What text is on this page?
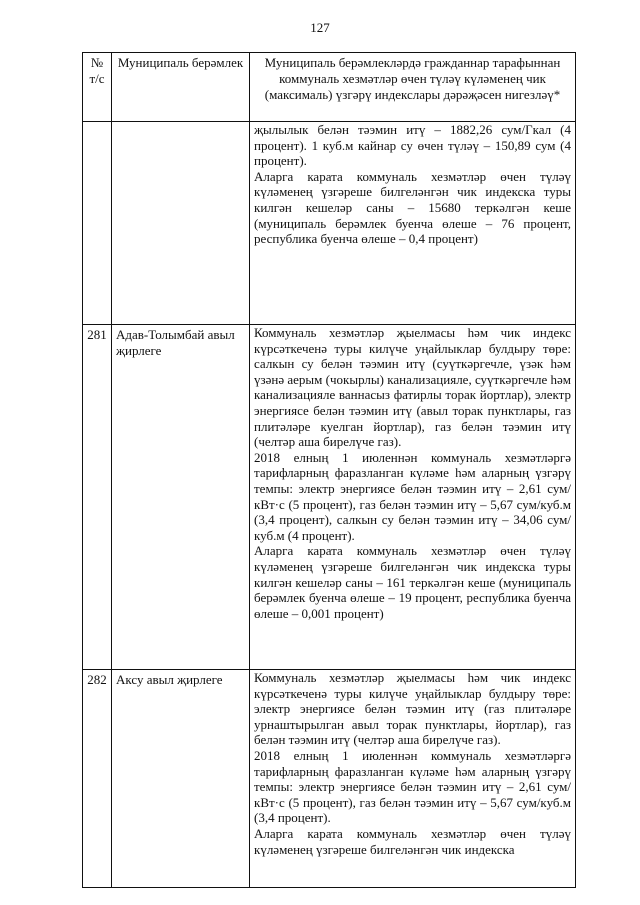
127
№ т/с	Муниципаль берәмлек	Муниципаль берәмлекләрдә гражданнар тарафыннан коммуналь хезмәтләр өчен түләү күләменең чик (максималь) үзгәрү индекслары дәрәҗәсен нигезләү*

		җылылык белән тәэмин итү – 1882,26 сум/Гкал (4 процент). 1 куб.м кайнар су өчен түләү – 150,89 сум (4 процент).

Аларга карата коммуналь хезмәтләр өчен түләү күләменең үзгәреше билгеләнгән чик индекска туры килгән кешеләр саны – 15680 теркәлгән кеше (муниципаль берәмлек буенча өлеше – 76 процент, республика буенча өлеше – 0,4 процент)

281	Адав-Толымбай авыл җирлеге	Коммуналь хезмәтләр җыелмасы һәм чик индекс күрсәткеченә туры килүче уңайлыклар булдыру төре: салкын су белән тәэмин итү (суүткәргечле, үзәк һәм үзәнә аерым (чокырлы) канализацияле, суүткәргечле һәм канализацияле ваннасыз фатирлы торак йортлар), электр энергиясе белән тәэмин итү (авыл торак пунктлары, газ плитәләре куелган йортлар), газ белән тәэмин итү (челтәр аша бирелүче газ).

2018 елның 1 июленнән коммуналь хезмәтләргә тарифларның фаразланган күләме һәм аларның үзгәрү темпы: электр энергиясе белән тәэмин итү – 2,61 сум/кВт·с (5 процент), газ белән тәэмин итү – 5,67 сум/куб.м (3,4 процент), салкын су белән тәэмин итү – 34,06 сум/куб.м (4 процент).

Аларга карата коммуналь хезмәтләр өчен түләү күләменең үзгәреше билгеләнгән чик индекска туры килгән кешеләр саны – 161 теркәлгән кеше (муниципаль берәмлек буенча өлеше – 19 процент, республика буенча өлеше – 0,001 процент)

282	Аксу авыл җирлеге	Коммуналь хезмәтләр җыелмасы һәм чик индекс күрсәткеченә туры килүче уңайлыклар булдыру төре: электр энергиясе белән тәэмин итү (газ плитәләре урнаштырылган авыл торак пунктлары, йортлар), газ белән тәэмин итү (челтәр аша бирелүче газ).

2018 елның 1 июленнән коммуналь хезмәтләргә тарифларның фаразланган күләме һәм аларның үзгәрү темпы: электр энергиясе белән тәэмин итү – 2,61 сум/кВт·с (5 процент), газ белән тәэмин итү – 5,67 сум/куб.м (3,4 процент).

Аларга карата коммуналь хезмәтләр өчен түләү күләменең үзгәреше билгеләнгән чик индекска
